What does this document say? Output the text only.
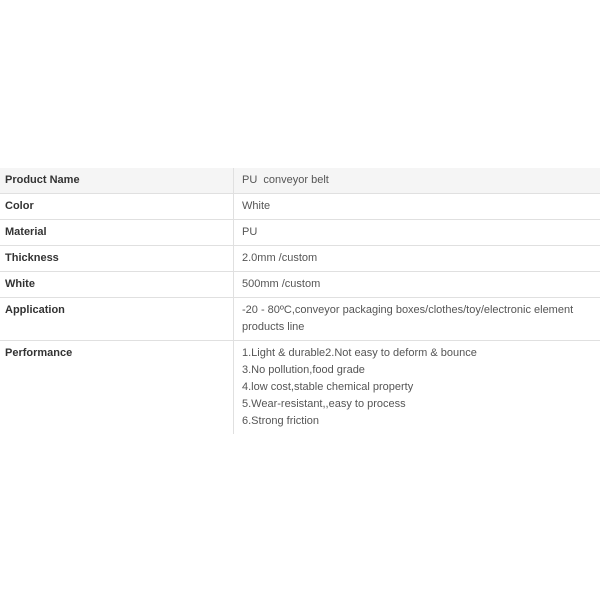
Product Name	PU  conveyor belt
Color	White
Material	PU
Thickness	2.0mm /custom
White	500mm /custom
Application	-20 - 80ºC,conveyor packaging boxes/clothes/toy/electronic element products line
Performance	1.Light & durable2.Not easy to deform & bounce
3.No pollution,food grade
4.low cost,stable chemical property
5.Wear-resistant,,easy to process
6.Strong friction
